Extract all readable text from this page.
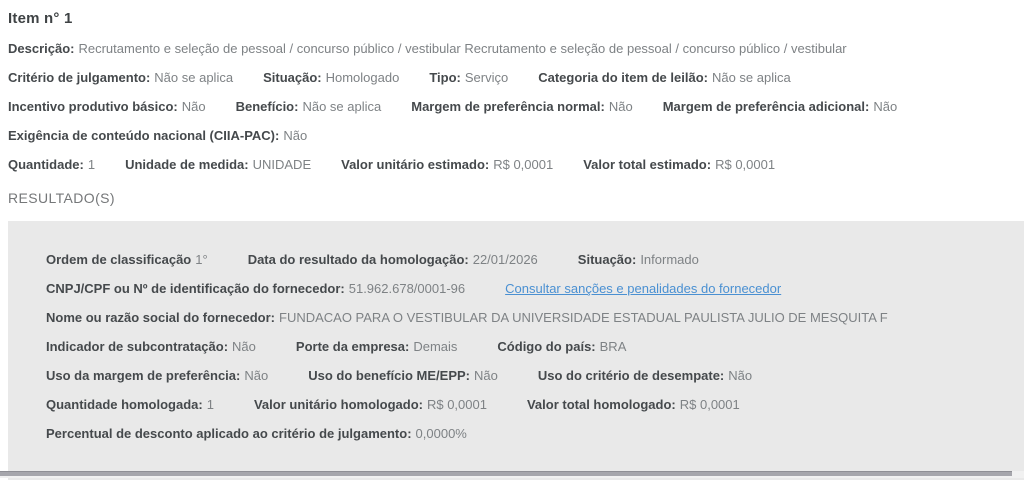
Item n° 1
Descrição: Recrutamento e seleção de pessoal / concurso público / vestibular Recrutamento e seleção de pessoal / concurso público / vestibular
Critério de julgamento: Não se aplica Situação: Homologado Tipo: Serviço Categoria do item de leilão: Não se aplica
Incentivo produtivo básico: Não Benefício: Não se aplica Margem de preferência normal: Não Margem de preferência adicional: Não
Exigência de conteúdo nacional (CIIA-PAC): Não
Quantidade: 1 Unidade de medida: UNIDADE Valor unitário estimado: R$ 0,0001 Valor total estimado: R$ 0,0001
RESULTADO(S)
Ordem de classificação 1°	Data do resultado da homologação: 22/01/2026	Situação: Informado
CNPJ/CPF ou Nº de identificação do fornecedor: 51.962.678/0001-96	Consultar sanções e penalidades do fornecedor
Nome ou razão social do fornecedor: FUNDACAO PARA O VESTIBULAR DA UNIVERSIDADE ESTADUAL PAULISTA JULIO DE MESQUITA F
Indicador de subcontratação: Não	Porte da empresa: Demais	Código do país: BRA
Uso da margem de preferência: Não	Uso do benefício ME/EPP: Não	Uso do critério de desempate: Não
Quantidade homologada: 1	Valor unitário homologado: R$ 0,0001	Valor total homologado: R$ 0,0001
Percentual de desconto aplicado ao critério de julgamento: 0,0000%
